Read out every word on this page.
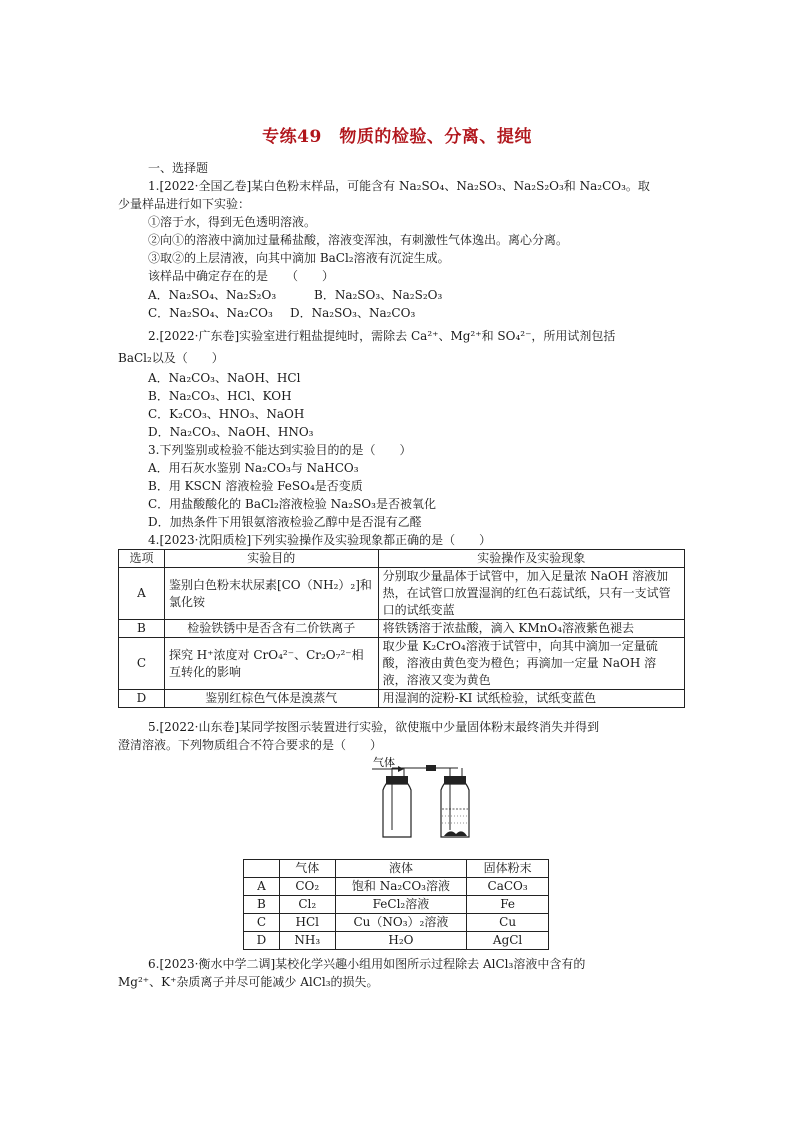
专练49　物质的检验、分离、提纯
一、选择题
1.[2022·全国乙卷]某白色粉末样品，可能含有 Na₂SO₄、Na₂SO₃、Na₂S₂O₃和 Na₂CO₃。取
少量样品进行如下实验：
①溶于水，得到无色透明溶液。
②向①的溶液中滴加过量稀盐酸，溶液变浑浊，有刺激性气体逸出。离心分离。
③取②的上层清液，向其中滴加 BaCl₂溶液有沉淀生成。
该样品中确定存在的是　　（　　）
A．Na₂SO₄、Na₂S₂O₃	B．Na₂SO₃、Na₂S₂O₃
C．Na₂SO₄、Na₂CO₃ D．Na₂SO₃、Na₂CO₃
2.[2022·广东卷]实验室进行粗盐提纯时，需除去 Ca²⁺、Mg²⁺和 SO₄²⁻，所用试剂包括
BaCl₂以及（　　）
A．Na₂CO₃、NaOH、HCl
B．Na₂CO₃、HCl、KOH
C．K₂CO₃、HNO₃、NaOH
D．Na₂CO₃、NaOH、HNO₃
3.下列鉴别或检验不能达到实验目的的是（　　）
A．用石灰水鉴别 Na₂CO₃与 NaHCO₃
B．用 KSCN 溶液检验 FeSO₄是否变质
C．用盐酸酸化的 BaCl₂溶液检验 Na₂SO₃是否被氧化
D．加热条件下用银氨溶液检验乙醇中是否混有乙醛
4.[2023·沈阳质检]下列实验操作及实验现象都正确的是（　　）
选项	实验目的	实验操作及实验现象
A	鉴别白色粉末状尿素[CO（NH₂）₂]和氯化铵	分别取少量晶体于试管中，加入足量浓 NaOH 溶液加热，在试管口放置湿润的红色石蕊试纸，只有一支试管口的试纸变蓝
B	检验铁锈中是否含有二价铁离子	将铁锈溶于浓盐酸，滴入 KMnO₄溶液紫色褪去
C	探究 H⁺浓度对 CrO₄²⁻、Cr₂O₇²⁻相互转化的影响	取少量 K₂CrO₄溶液于试管中，向其中滴加一定量硫酸，溶液由黄色变为橙色；再滴加一定量 NaOH 溶液，溶液又变为黄色
D	鉴别红棕色气体是溴蒸气	用湿润的淀粉-KI 试纸检验，试纸变蓝色
5.[2022·山东卷]某同学按图示装置进行实验，欲使瓶中少量固体粉末最终消失并得到
澄清溶液。下列物质组合不符合要求的是（　　）
气体
	气体	液体	固体粉末
A	CO₂	饱和 Na₂CO₃溶液	CaCO₃
B	Cl₂	FeCl₂溶液	Fe
C	HCl	Cu（NO₃）₂溶液	Cu
D	NH₃	H₂O	AgCl
6.[2023·衡水中学二调]某校化学兴趣小组用如图所示过程除去 AlCl₃溶液中含有的
Mg²⁺、K⁺杂质离子并尽可能减少 AlCl₃的损失。
